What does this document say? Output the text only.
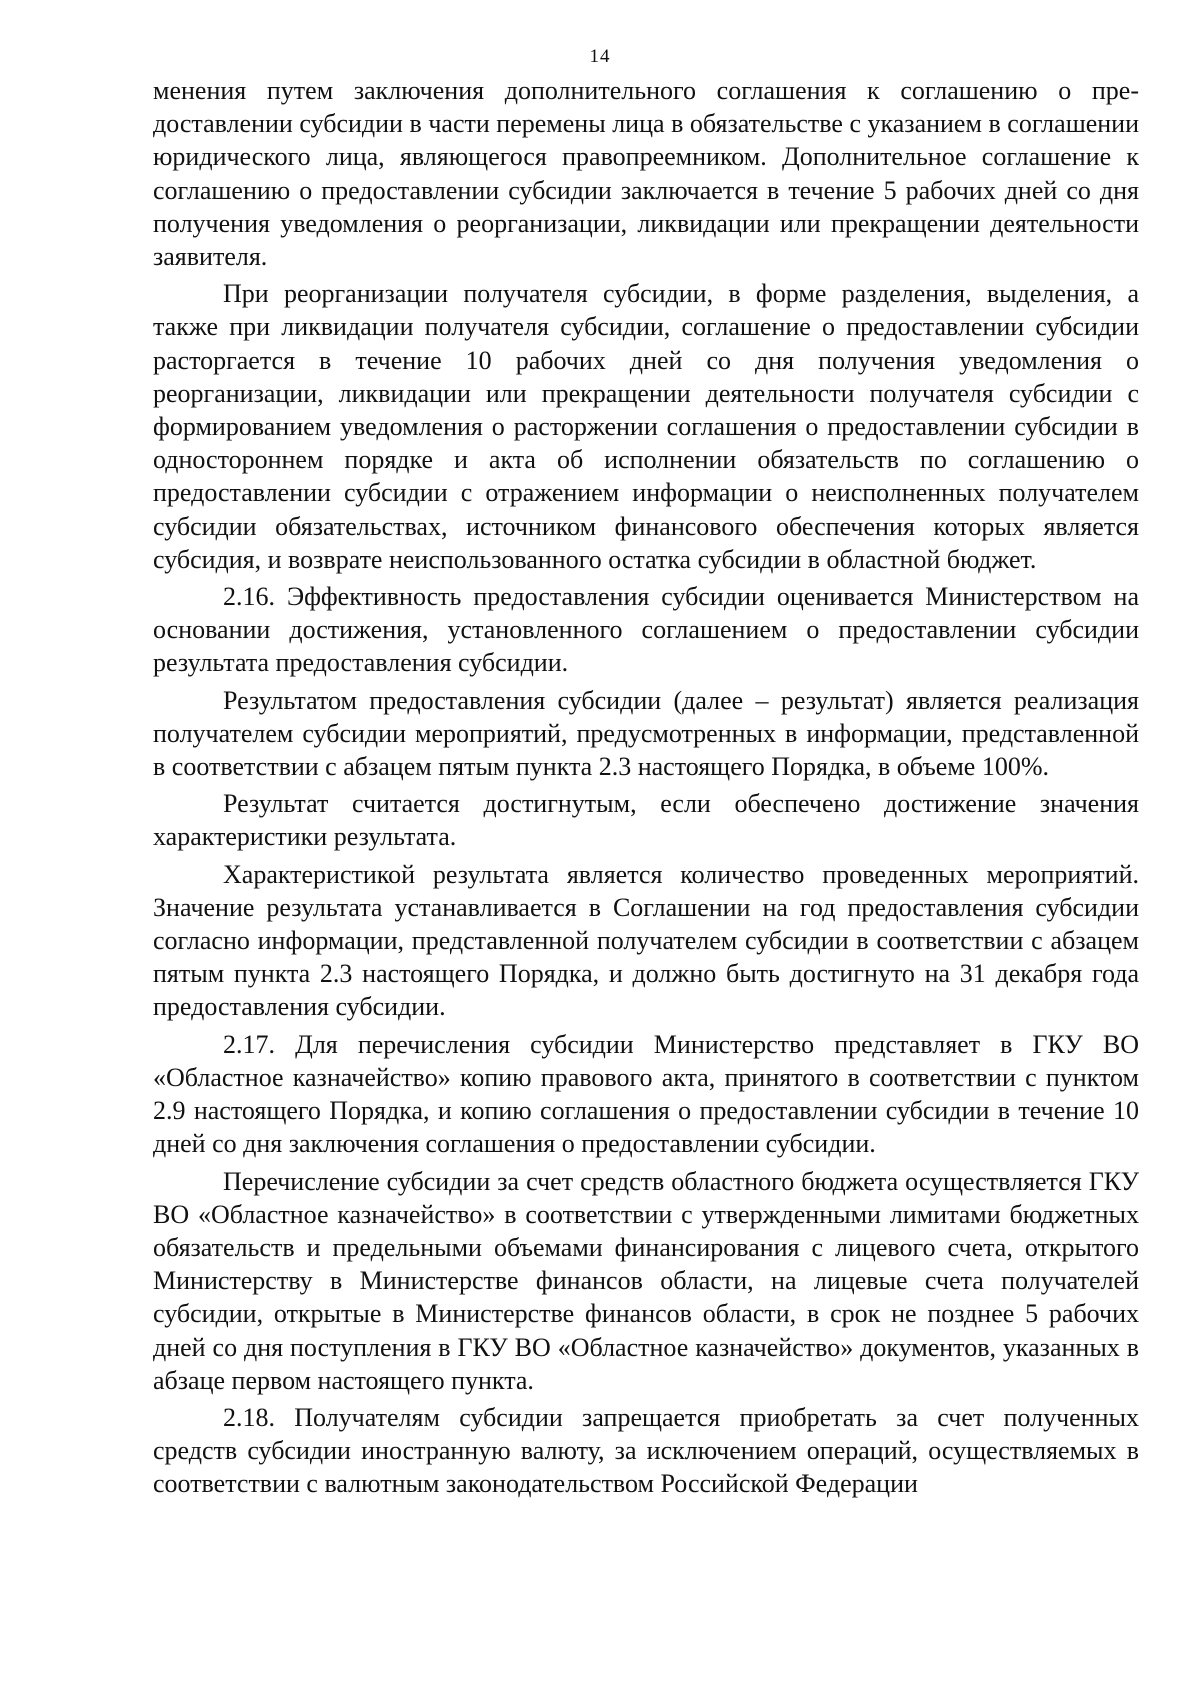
14

менения путем заключения дополнительного соглашения к соглашению о предоставлении субсидии в части перемены лица в обязательстве с указанием в соглашении юридического лица, являющегося правопреемником. Дополнительное соглашение к соглашению о предоставлении субсидии заключается в течение 5 рабочих дней со дня получения уведомления о реорганизации, ликвидации или прекращении деятельности заявителя.

При реорганизации получателя субсидии, в форме разделения, выделения, а также при ликвидации получателя субсидии, соглашение о предоставлении субсидии расторгается в течение 10 рабочих дней со дня получения уведомления о реорганизации, ликвидации или прекращении деятельности получателя субсидии с формированием уведомления о расторжении соглашения о предоставлении субсидии в одностороннем порядке и акта об исполнении обязательств по соглашению о предоставлении субсидии с отражением информации о неисполненных получателем субсидии обязательствах, источником финансового обеспечения которых является субсидия, и возврате неиспользованного остатка субсидии в областной бюджет.

2.16. Эффективность предоставления субсидии оценивается Министерством на основании достижения, установленного соглашением о предоставлении субсидии результата предоставления субсидии.

Результатом предоставления субсидии (далее – результат) является реализация получателем субсидии мероприятий, предусмотренных в информации, представленной в соответствии с абзацем пятым пункта 2.3 настоящего Порядка, в объеме 100%.

Результат считается достигнутым, если обеспечено достижение значения характеристики результата.

Характеристикой результата является количество проведенных мероприятий. Значение результата устанавливается в Соглашении на год предоставления субсидии согласно информации, представленной получателем субсидии в соответствии с абзацем пятым пункта 2.3 настоящего Порядка, и должно быть достигнуто на 31 декабря года предоставления субсидии.

2.17. Для перечисления субсидии Министерство представляет в ГКУ ВО «Областное казначейство» копию правового акта, принятого в соответствии с пунктом 2.9 настоящего Порядка, и копию соглашения о предоставлении субсидии в течение 10 дней со дня заключения соглашения о предоставлении субсидии.

Перечисление субсидии за счет средств областного бюджета осуществляется ГКУ ВО «Областное казначейство» в соответствии с утвержденными лимитами бюджетных обязательств и предельными объемами финансирования с лицевого счета, открытого Министерству в Министерстве финансов области, на лицевые счета получателей субсидии, открытые в Министерстве финансов области, в срок не позднее 5 рабочих дней со дня поступления в ГКУ ВО «Областное казначейство» документов, указанных в абзаце первом настоящего пункта.

2.18. Получателям субсидии запрещается приобретать за счет полученных средств субсидии иностранную валюту, за исключением операций, осуществляемых в соответствии с валютным законодательством Российской Федерации
